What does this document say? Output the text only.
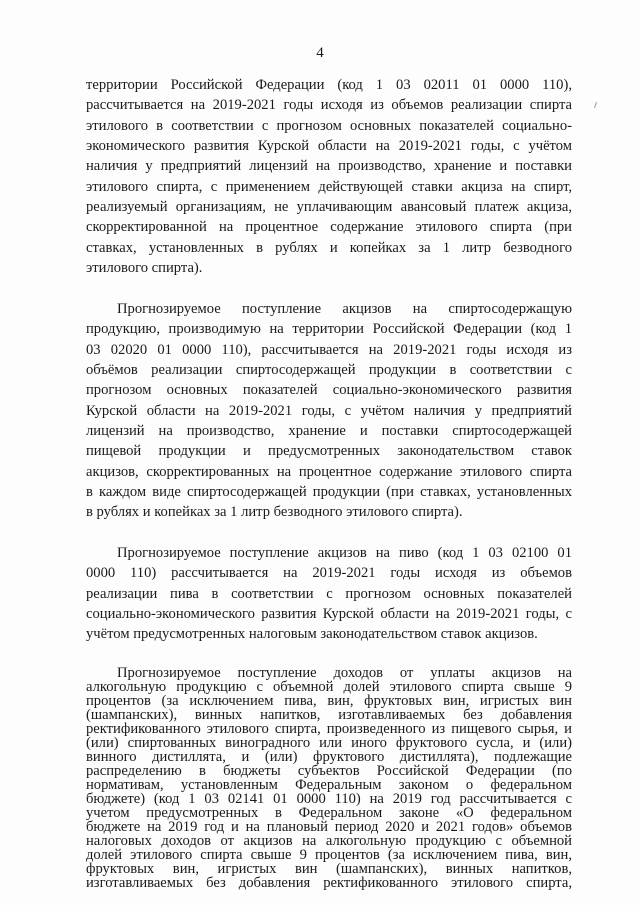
4
территории Российской Федерации (код 1 03 02011 01 0000 110),
рассчитывается на 2019-2021 годы исходя из объемов реализации спирта
этилового в соответствии с прогнозом основных показателей социально-
экономического развития Курской области на 2019-2021 годы, с учётом
наличия у предприятий лицензий на производство, хранение и поставки
этилового спирта, с применением действующей ставки акциза на спирт,
реализуемый организациям, не уплачивающим авансовый платеж акциза,
скорректированной на процентное содержание этилового спирта (при
ставках, установленных в рублях и копейках за 1 литр безводного
этилового спирта).
Прогнозируемое поступление акцизов на спиртосодержащую
продукцию, производимую на территории Российской Федерации (код 1
03 02020 01 0000 110), рассчитывается на 2019-2021 годы исходя из
объёмов реализации спиртосодержащей продукции в соответствии с
прогнозом основных показателей социально-экономического развития
Курской области на 2019-2021 годы, с учётом наличия у предприятий
лицензий на производство, хранение и поставки спиртосодержащей
пищевой продукции и предусмотренных законодательством ставок
акцизов, скорректированных на процентное содержание этилового спирта
в каждом виде спиртосодержащей продукции (при ставках, установленных
в рублях и копейках за 1 литр безводного этилового спирта).
Прогнозируемое поступление акцизов на пиво (код 1 03 02100 01
0000 110) рассчитывается на 2019-2021 годы исходя из объемов
реализации пива в соответствии с прогнозом основных показателей
социально-экономического развития Курской области на 2019-2021 годы, с
учётом предусмотренных налоговым законодательством ставок акцизов.
Прогнозируемое поступление доходов от уплаты акцизов на
алкогольную продукцию с объемной долей этилового спирта свыше 9
процентов (за исключением пива, вин, фруктовых вин, игристых вин
(шампанских), винных напитков, изготавливаемых без добавления
ректификованного этилового спирта, произведенного из пищевого сырья, и
(или) спиртованных виноградного или иного фруктового сусла, и (или)
винного дистиллята, и (или) фруктового дистиллята), подлежащие
распределению в бюджеты субъектов Российской Федерации (по
нормативам, установленным Федеральным законом о федеральном
бюджете) (код 1 03 02141 01 0000 110) на 2019 год рассчитывается с
учетом предусмотренных в Федеральном законе «О федеральном
бюджете на 2019 год и на плановый период 2020 и 2021 годов» объемов
налоговых доходов от акцизов на алкогольную продукцию с объемной
долей этилового спирта свыше 9 процентов (за исключением пива, вин,
фруктовых вин, игристых вин (шампанских), винных напитков,
изготавливаемых без добавления ректификованного этилового спирта,
